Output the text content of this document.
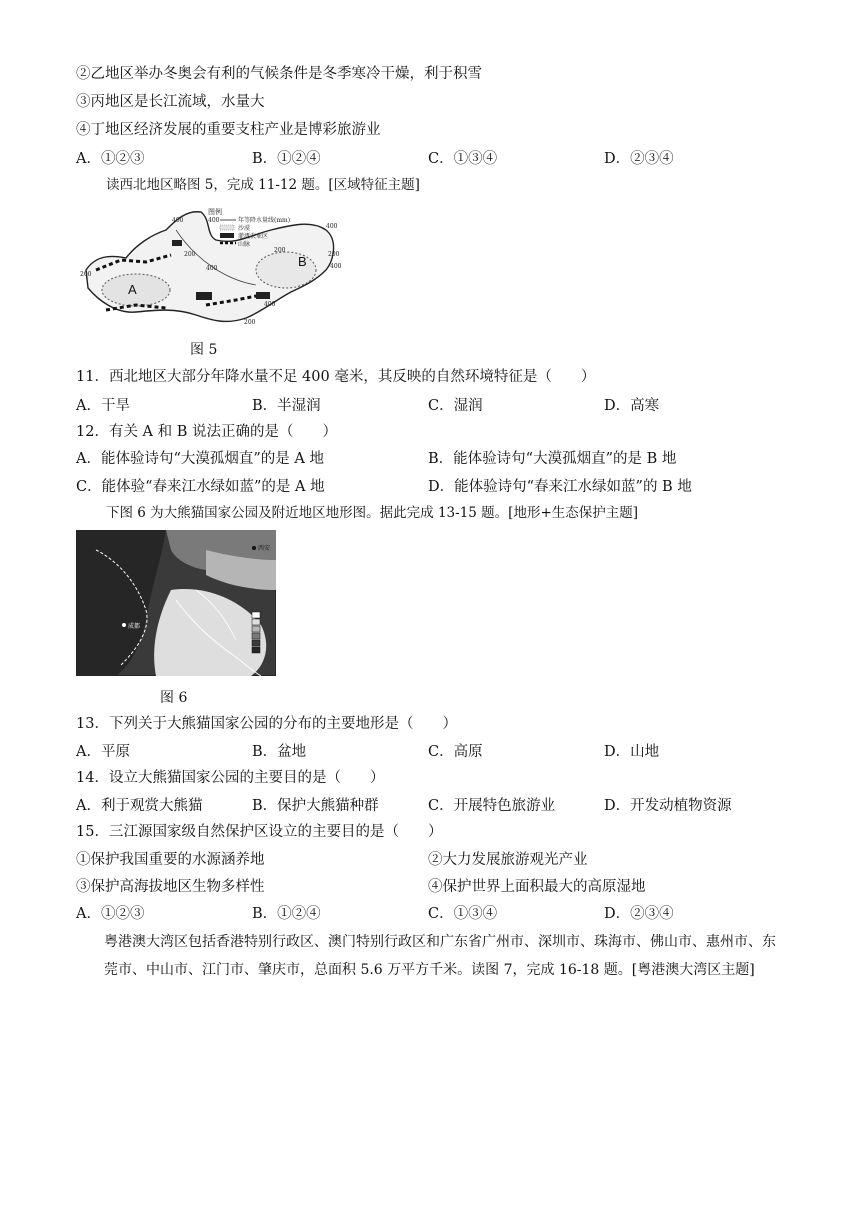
②乙地区举办冬奥会有利的气候条件是冬季寒冷干燥，利于积雪
③丙地区是长江流域，水量大
④丁地区经济发展的重要支柱产业是博彩旅游业
A．①②③	B．①②④	C．①③④	D．②③④
读西北地区略图 5，完成 11-12 题。[区域特征主题]
A
B
200
400
200
400
200
400
200
400
200
400
图例
400	年等降水量线(mm)
沙漠
灌溉农业区
山脉
图 5
11．西北地区大部分年降水量不足 400 毫米，其反映的自然环境特征是（　　）
A．干旱	B．半湿润	C．湿润	D．高寒
12．有关 A 和 B 说法正确的是（　　）
A．能体验诗句“大漠孤烟直”的是 A 地	B．能体验诗句“大漠孤烟直”的是 B 地
C．能体验“春来江水绿如蓝”的是 A 地	D．能体验诗句“春来江水绿如蓝”的 B 地
下图 6 为大熊猫国家公园及附近地区地形图。据此完成 13-15 题。[地形+生态保护主题]
成都
西安
图 6
13．下列关于大熊猫国家公园的分布的主要地形是（　　）
A．平原	B．盆地	C．高原	D．山地
14．设立大熊猫国家公园的主要目的是（　　）
A．利于观赏大熊猫	B．保护大熊猫种群	C．开展特色旅游业	D．开发动植物资源
15．三江源国家级自然保护区设立的主要目的是（　　）
①保护我国重要的水源涵养地	②大力发展旅游观光产业
③保护高海拔地区生物多样性	④保护世界上面积最大的高原湿地
A．①②③	B．①②④	C．①③④	D．②③④
粤港澳大湾区包括香港特别行政区、澳门特别行政区和广东省广州市、深圳市、珠海市、佛山市、惠州市、东莞市、中山市、江门市、肇庆市，总面积 5.6 万平方千米。读图 7，完成 16-18 题。[粤港澳大湾区主题]
